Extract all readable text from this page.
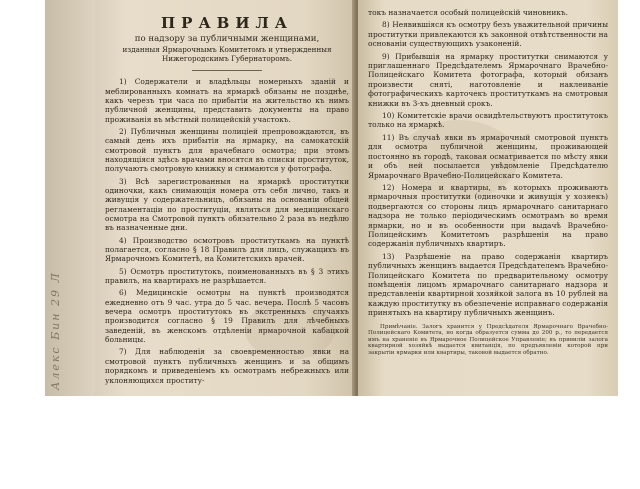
Алекс Бин 29 Л
ПРАВИЛА
по надзору за публичными женщинами,
изданныя Ярмарочнымъ Комитетомъ и утвержденныя Нижегородскимъ Губернаторомъ.

1) Содержатели и владѣльцы номерныхъ зданій и меблированныхъ комнатъ на ярмаркѣ обязаны не позднѣе, какъ черезъ три часа по прибытіи на жительство къ нимъ публичной женщины, представить документы на право проживанія въ мѣстный полицейскій участокъ.

2) Публичныя женщины полиціей препровождаются, въ самый день ихъ прибытія на ярмарку, на самокатскій смотровой пунктъ для врачебнаго осмотра; при этомъ находящіяся здѣсь врачами вносятся въ списки проституток, получаютъ смотровую книжку и снимаются у фотографа.

3) Всѣ зарегистрованныя на ярмаркѣ проститутки одиночки, какъ снимающія номера отъ себя лично, такъ и живущія у содержательницъ, обязаны на основаніи общей регламентаціи по проституціи, являться для медицинскаго осмотра на Смотровой пунктъ обязательно 2 раза въ недѣлю въ назначенные дни.

4) Производство осмотровъ проституткамъ на пунктѣ полагается, согласно § 18 Правилъ для лицъ, служащихъ въ Ярмарочномъ Комитетѣ, на Комитетскихъ врачей.

5) Осмотръ проститутокъ, поименованныхъ въ § 3 этихъ правилъ, на квартирахъ не разрѣшается.

6) Медицинскіе осмотры на пунктѣ производятся ежедневно отъ 9 час. утра до 5 час. вечера. Послѣ 5 часовъ вечера осмотръ проститутокъ въ экстренныхъ случаяхъ производится согласно § 19 Правилъ для лѣчебныхъ заведеній, въ женскомъ отдѣленіи ярмарочной кабацкой больницы.

7) Для наблюденія за своевременностью явки на смотровой пунктъ публичныхъ женщинъ и за общимъ порядкомъ и приведеніемъ къ осмотрамъ небрежныхъ или уклоняющихся проститу-

токъ назначается особый полицейскій чиновникъ.

8) Неявившіяся къ осмотру безъ уважительной причины проститутки привлекаются къ законной отвѣтственности на основаніи существующихъ узаконеній.

9) Прибывшія на ярмарку проститутки снимаются у приглашеннаго Предсѣдателемъ Ярмарочнаго Врачебно-Полицейскаго Комитета фотографа, который обязанъ произвести сняті, наготовленіе и наклеиваніе фотографическихъ карточекъ проституткамъ на смотровыя книжки въ 3-хъ дневный срокъ.

10) Комитетскіе врачи освидѣтельствуютъ проститутокъ только на ярмаркѣ.

11) Въ случаѣ явки въ ярмарочный смотровой пунктъ для осмотра публичной женщины, проживающей постоянно въ городѣ, таковая осматривается по мѣсту явки и объ ней посылается увѣдомленіе Предсѣдателю Ярмарочнаго Врачебно-Полицейскаго Комитета.

12) Номера и квартиры, въ которыхъ проживаютъ ярмарочныя проститутки (одиночки и живущія у хозяекъ) подвергаются со стороны лицъ ярмарочнаго санитарнаго надзора не только періодическимъ осмотрамъ во время ярмарки, но и въ особенности при выдачѣ Врачебно-Полицейскимъ Комитетомъ разрѣшенія на право содержанія публичныхъ квартиръ.

13) Разрѣшеніе на право содержанія квартиръ публичныхъ женщинъ выдается Предсѣдателемъ Врачебно-Полицейскаго Комитета по предварительному осмотру помѣщенія лицомъ ярмарочнаго санитарнаго надзора и представленіи квартирной хозяйкой залога въ 10 рублей на каждую проститутку въ обезпеченіе исправнаго содержанія принятыхъ на квартиру публичныхъ женщинъ.

Примѣчаніе. Залогъ хранится у Предсѣдателя Ярмарочнаго Врачебно-Полицейскаго Комитета, но когда образуется сумма до 200 р., то передается имъ на храненіе въ Ярмарочное Полицейское Управленіе; въ привиліи залога квартирной хозяйкѣ выдается квитанція, по предъявленіи которой при закрытіи ярмарки или квартиры, таковой выдается обратно.
